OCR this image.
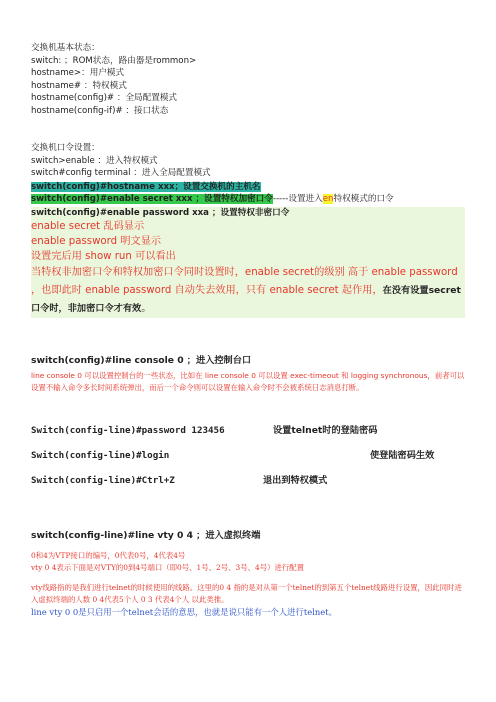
交换机基本状态：
switch: ；ROM状态，路由器是rommon>
hostname>：用户模式
hostname# ：特权模式
hostname(config)# ：全局配置模式
hostname(config-if)# ：接口状态
交换机口令设置：
switch>enable ：进入特权模式
switch#config terminal ：进入全局配置模式
switch(config)#hostname xxx；设置交换机的主机名
switch(config)#enable secret xxx ；设置特权加密口令-----设置进入en特权模式的口令
switch(config)#enable password xxa ；设置特权非密口令
enable secret 乱码显示
enable password 明文显示
设置完后用 show run 可以看出
当特权非加密口令和特权加密口令同时设置时，enable secret的级别 高于 enable password ，也即此时 enable password 自动失去效用，只有 enable secret 起作用，在没有设置secret口令时，非加密口令才有效。
switch(config)#line console 0 ；进入控制台口
line console 0 可以设置控制台的一些状态，比如在 line console 0 可以设置 exec-timeout 和 logging synchronous，前者可以设置不输入命令多长时间系统弹出，而后一个命令则可以设置在输入命令时不会被系统日志消息打断。
Switch(config-line)#password 123456	设置telnet时的登陆密码
Switch(config-line)#login	使登陆密码生效
Switch(config-line)#Ctrl+Z	退出到特权模式
switch(config-line)#line vty 0 4 ；进入虚拟终端
0和4为VTP接口的编号，0代表0号，4代表4号
vty 0 4表示下面是对VTY的0到4号端口（即0号、1号、2号、3号、4号）进行配置
vty线路指的是我们进行telnet的时候使用的线路。这里的0 4 指的是对从第一个telnet的到第五个telnet线路进行设置，因此同时进入虚拟终端的人数 0 4代表5个人 0 3 代表4个人 以此类推。
line vty 0 0是只启用一个telnet会话的意思，也就是说只能有一个人进行telnet。
